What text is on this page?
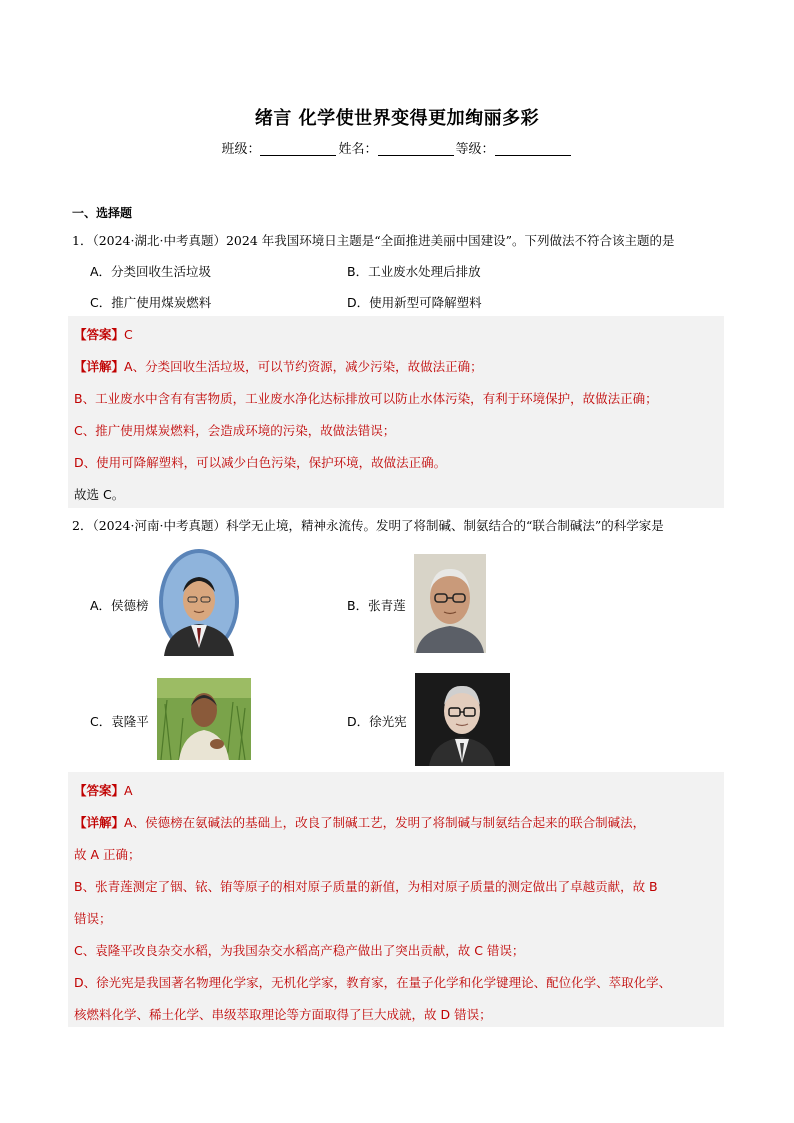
绪言 化学使世界变得更加绚丽多彩
班级：	姓名：	等级：
一、选择题
1．（2024·湖北·中考真题）2024 年我国环境日主题是“全面推进美丽中国建设”。下列做法不符合该主题的是
A．分类回收生活垃圾	B．工业废水处理后排放
C．推广使用煤炭燃料	D．使用新型可降解塑料
【答案】C
【详解】A、分类回收生活垃圾，可以节约资源，减少污染，故做法正确；
B、工业废水中含有有害物质，工业废水净化达标排放可以防止水体污染，有利于环境保护，故做法正确；
C、推广使用煤炭燃料，会造成环境的污染，故做法错误；
D、使用可降解塑料，可以减少白色污染，保护环境，故做法正确。
故选 C。
2．（2024·河南·中考真题）科学无止境，精神永流传。发明了将制碱、制氨结合的“联合制碱法”的科学家是
A．侯德榜	B．张青莲
C．袁隆平	D．徐光宪
【答案】A
【详解】A、侯德榜在氨碱法的基础上，改良了制碱工艺，发明了将制碱与制氨结合起来的联合制碱法，
故 A 正确；
B、张青莲测定了铟、铱、铕等原子的相对原子质量的新值，为相对原子质量的测定做出了卓越贡献，故 B
错误；
C、袁隆平改良杂交水稻，为我国杂交水稻高产稳产做出了突出贡献，故 C 错误；
D、徐光宪是我国著名物理化学家，无机化学家，教育家，在量子化学和化学键理论、配位化学、萃取化学、
核燃料化学、稀土化学、串级萃取理论等方面取得了巨大成就，故 D 错误；
